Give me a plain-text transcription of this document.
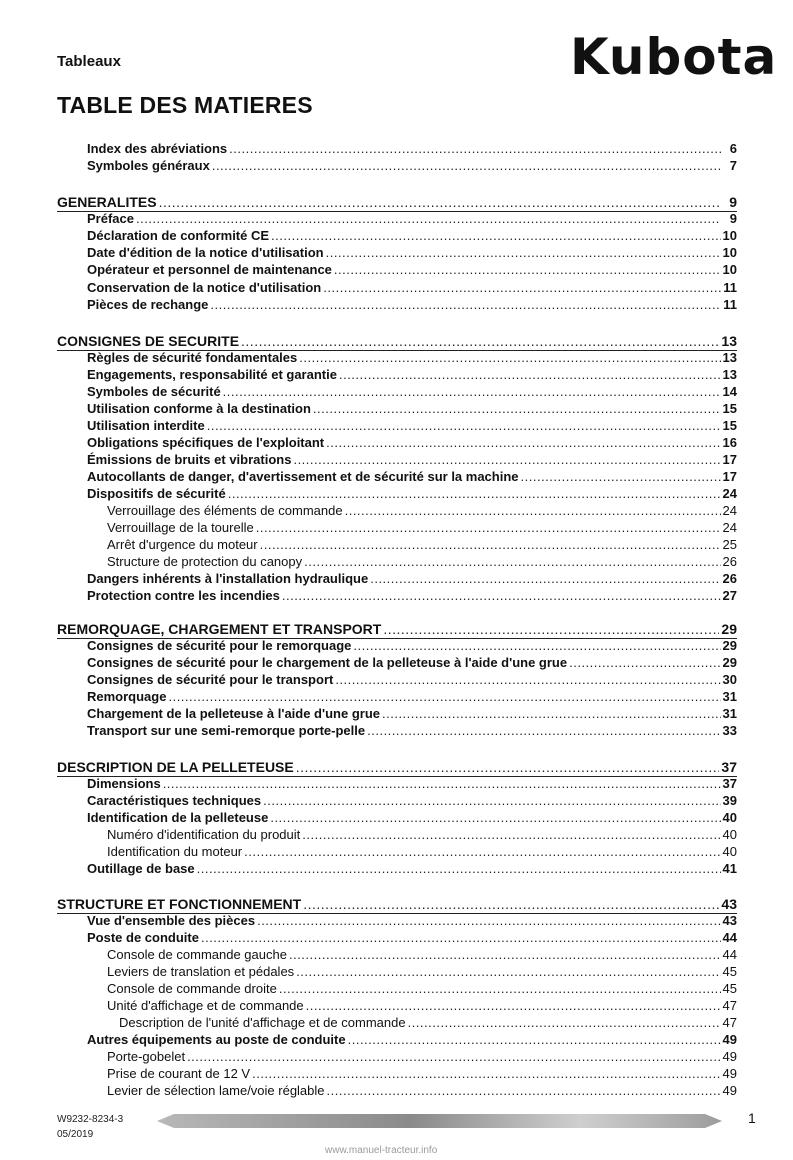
Tableaux	Kubota
TABLE DES MATIERES
Index des abréviations .....	6
Symboles généraux .....	7
GENERALITES .....	9
Préface .....	9
Déclaration de conformité CE .....	10
Date d'édition de la notice d'utilisation .....	10
Opérateur et personnel de maintenance .....	10
Conservation de la notice d'utilisation .....	11
Pièces de rechange .....	11
CONSIGNES DE SECURITE .....	13
Règles de sécurité fondamentales .....	13
Engagements, responsabilité et garantie .....	13
Symboles de sécurité .....	14
Utilisation conforme à la destination .....	15
Utilisation interdite .....	15
Obligations spécifiques de l'exploitant .....	16
Émissions de bruits et vibrations .....	17
Autocollants de danger, d'avertissement et de sécurité sur la machine .....	17
Dispositifs de sécurité .....	24
Verrouillage des éléments de commande .....	24
Verrouillage de la tourelle .....	24
Arrêt d'urgence du moteur .....	25
Structure de protection du canopy .....	26
Dangers inhérents à l'installation hydraulique .....	26
Protection contre les incendies .....	27
REMORQUAGE, CHARGEMENT ET TRANSPORT .....	29
Consignes de sécurité pour le remorquage .....	29
Consignes de sécurité pour le chargement de la pelleteuse à l'aide d'une grue .....	29
Consignes de sécurité pour le transport .....	30
Remorquage .....	31
Chargement de la pelleteuse à l'aide d'une grue .....	31
Transport sur une semi-remorque porte-pelle .....	33
DESCRIPTION DE LA PELLETEUSE .....	37
Dimensions .....	37
Caractéristiques techniques .....	39
Identification de la pelleteuse .....	40
Numéro d'identification du produit .....	40
Identification du moteur .....	40
Outillage de base .....	41
STRUCTURE ET FONCTIONNEMENT .....	43
Vue d'ensemble des pièces .....	43
Poste de conduite .....	44
Console de commande gauche .....	44
Leviers de translation et pédales .....	45
Console de commande droite .....	45
Unité d'affichage et de commande .....	47
Description de l'unité d'affichage et de commande .....	47
Autres équipements au poste de conduite .....	49
Porte-gobelet .....	49
Prise de courant de 12 V .....	49
Levier de sélection lame/voie réglable .....	49
W9232-8234-3
05/2019
1
www.manuel-tracteur.info
